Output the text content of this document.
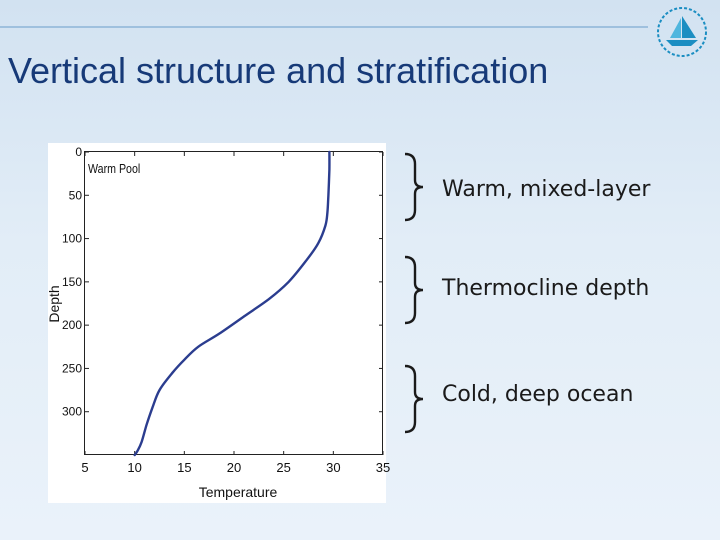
Vertical structure and stratification
5	10	15	20	25	30	35
0
50
100
150
200
250
300
Warm Pool
Temperature
Depth
Warm, mixed-layer
Thermocline depth
Cold, deep ocean
